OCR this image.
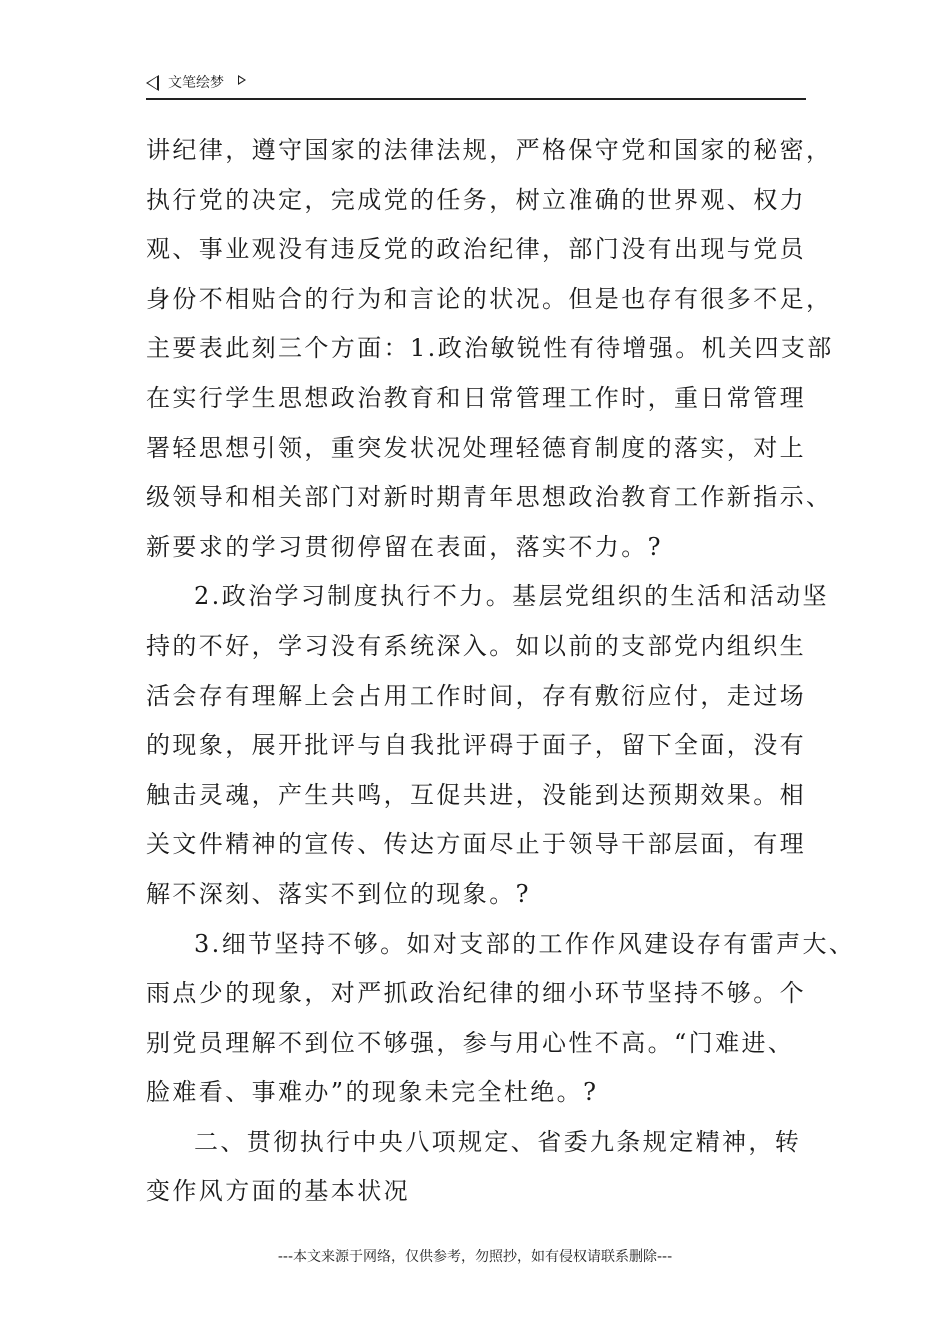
文笔绘梦
讲纪律，遵守国家的法律法规，严格保守党和国家的秘密，
执行党的决定，完成党的任务，树立准确的世界观、权力
观、事业观没有违反党的政治纪律，部门没有出现与党员
身份不相贴合的行为和言论的状况。但是也存有很多不足，
主要表此刻三个方面：1.政治敏锐性有待增强。机关四支部
在实行学生思想政治教育和日常管理工作时，重日常管理
署轻思想引领，重突发状况处理轻德育制度的落实，对上
级领导和相关部门对新时期青年思想政治教育工作新指示、
新要求的学习贯彻停留在表面，落实不力。?
2.政治学习制度执行不力。基层党组织的生活和活动坚
持的不好，学习没有系统深入。如以前的支部党内组织生
活会存有理解上会占用工作时间，存有敷衍应付，走过场
的现象，展开批评与自我批评碍于面子，留下全面，没有
触击灵魂，产生共鸣，互促共进，没能到达预期效果。相
关文件精神的宣传、传达方面尽止于领导干部层面，有理
解不深刻、落实不到位的现象。?
3.细节坚持不够。如对支部的工作作风建设存有雷声大、
雨点少的现象，对严抓政治纪律的细小环节坚持不够。个
别党员理解不到位不够强，参与用心性不高。“门难进、
脸难看、事难办”的现象未完全杜绝。?
二、贯彻执行中央八项规定、省委九条规定精神，转
变作风方面的基本状况
---本文来源于网络，仅供参考，勿照抄，如有侵权请联系删除---
